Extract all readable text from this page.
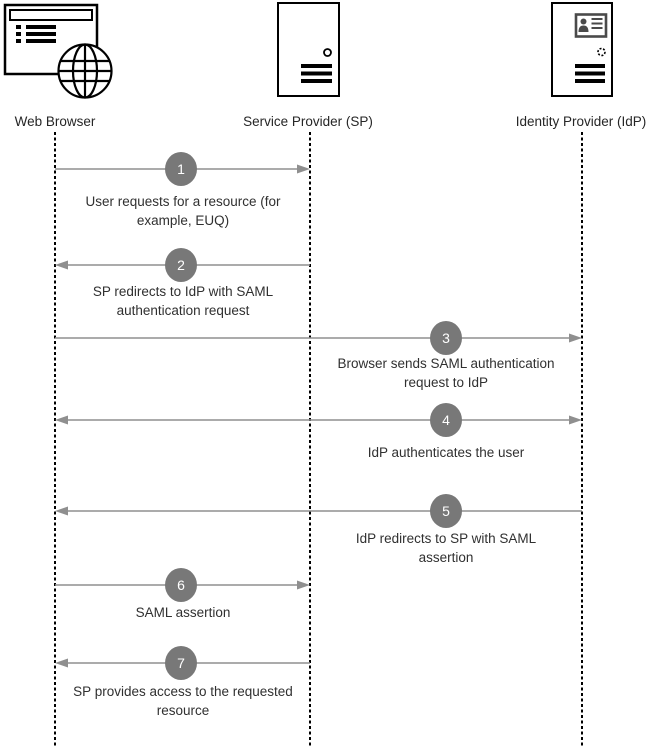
Web Browser	Service Provider (SP)	Identity Provider (IdP)
1
2
3
4
5
6
7
User requests for a resource (for example, EUQ)
SP redirects to IdP with SAML authentication request
Browser sends SAML authentication request to IdP
IdP authenticates the user
IdP redirects to SP with SAML assertion
SAML assertion
SP provides access to the requested resource
